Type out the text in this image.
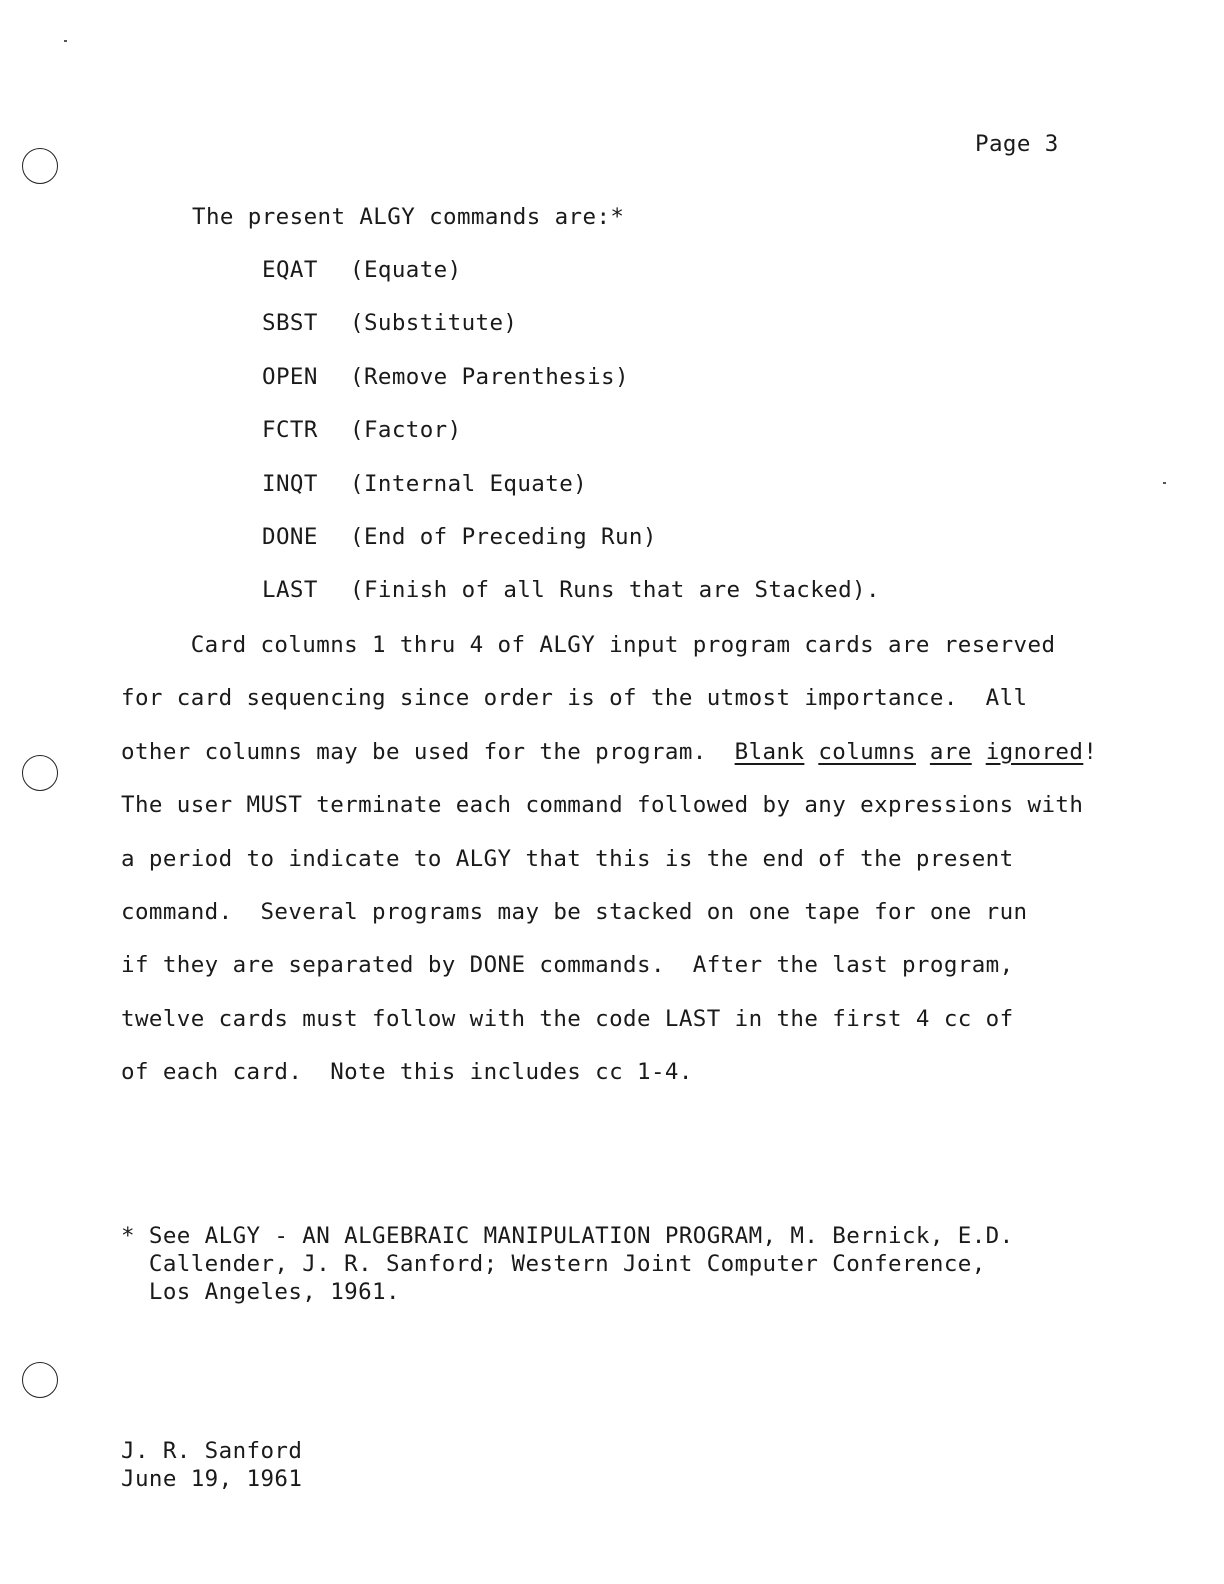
Page 3
The present ALGY commands are:*
EQAT (Equate)
SBST (Substitute)
OPEN (Remove Parenthesis)
FCTR (Factor)
INQT (Internal Equate)
DONE (End of Preceding Run)
LAST (Finish of all Runs that are Stacked).
Card columns 1 thru 4 of ALGY input program cards are reserved
for card sequencing since order is of the utmost importance.  All
other columns may be used for the program.  Blank columns are ignored!
The user MUST terminate each command followed by any expressions with
a period to indicate to ALGY that this is the end of the present
command.  Several programs may be stacked on one tape for one run
if they are separated by DONE commands.  After the last program,
twelve cards must follow with the code LAST in the first 4 cc of
of each card.  Note this includes cc 1-4.
* See ALGY - AN ALGEBRAIC MANIPULATION PROGRAM, M. Bernick, E.D.
Callender, J. R. Sanford; Western Joint Computer Conference,
Los Angeles, 1961.
J. R. Sanford
June 19, 1961
